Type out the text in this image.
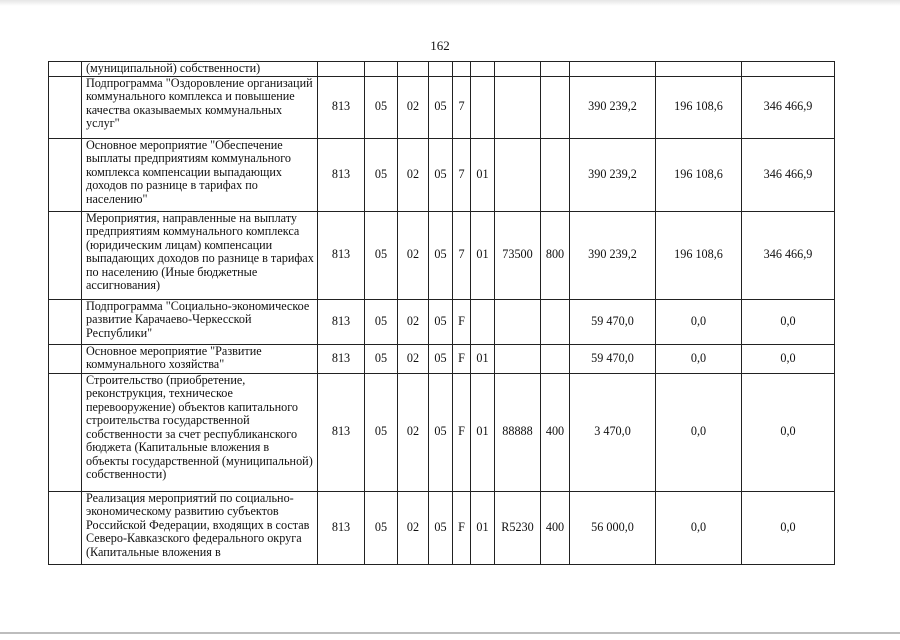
162
	(муниципальной) собственности)											
	Подпрограмма "Оздоровление организаций коммунального комплекса и повышение качества оказываемых коммунальных услуг"	813	05	02	05	7				390 239,2	196 108,6	346 466,9
	Основное мероприятие "Обеспечение выплаты предприятиям коммунального комплекса компенсации выпадающих доходов по разнице в тарифах по населению"	813	05	02	05	7	01			390 239,2	196 108,6	346 466,9
	Мероприятия, направленные на выплату предприятиям коммунального комплекса (юридическим лицам) компенсации выпадающих доходов по разнице в тарифах по населению (Иные бюджетные ассигнования)	813	05	02	05	7	01	73500	800	390 239,2	196 108,6	346 466,9
	Подпрограмма "Социально-экономическое развитие Карачаево-Черкесской Республики"	813	05	02	05	F				59 470,0	0,0	0,0
	Основное мероприятие "Развитие коммунального хозяйства"	813	05	02	05	F	01			59 470,0	0,0	0,0
	Строительство (приобретение, реконструкция, техническое перевооружение) объектов капитального строительства государственной собственности за счет республиканского бюджета (Капитальные вложения в объекты государственной (муниципальной) собственности)	813	05	02	05	F	01	88888	400	3 470,0	0,0	0,0
	Реализация мероприятий по социально-экономическому развитию субъектов Российской Федерации, входящих в состав Северо-Кавказского федерального округа (Капитальные вложения в	813	05	02	05	F	01	R5230	400	56 000,0	0,0	0,0
